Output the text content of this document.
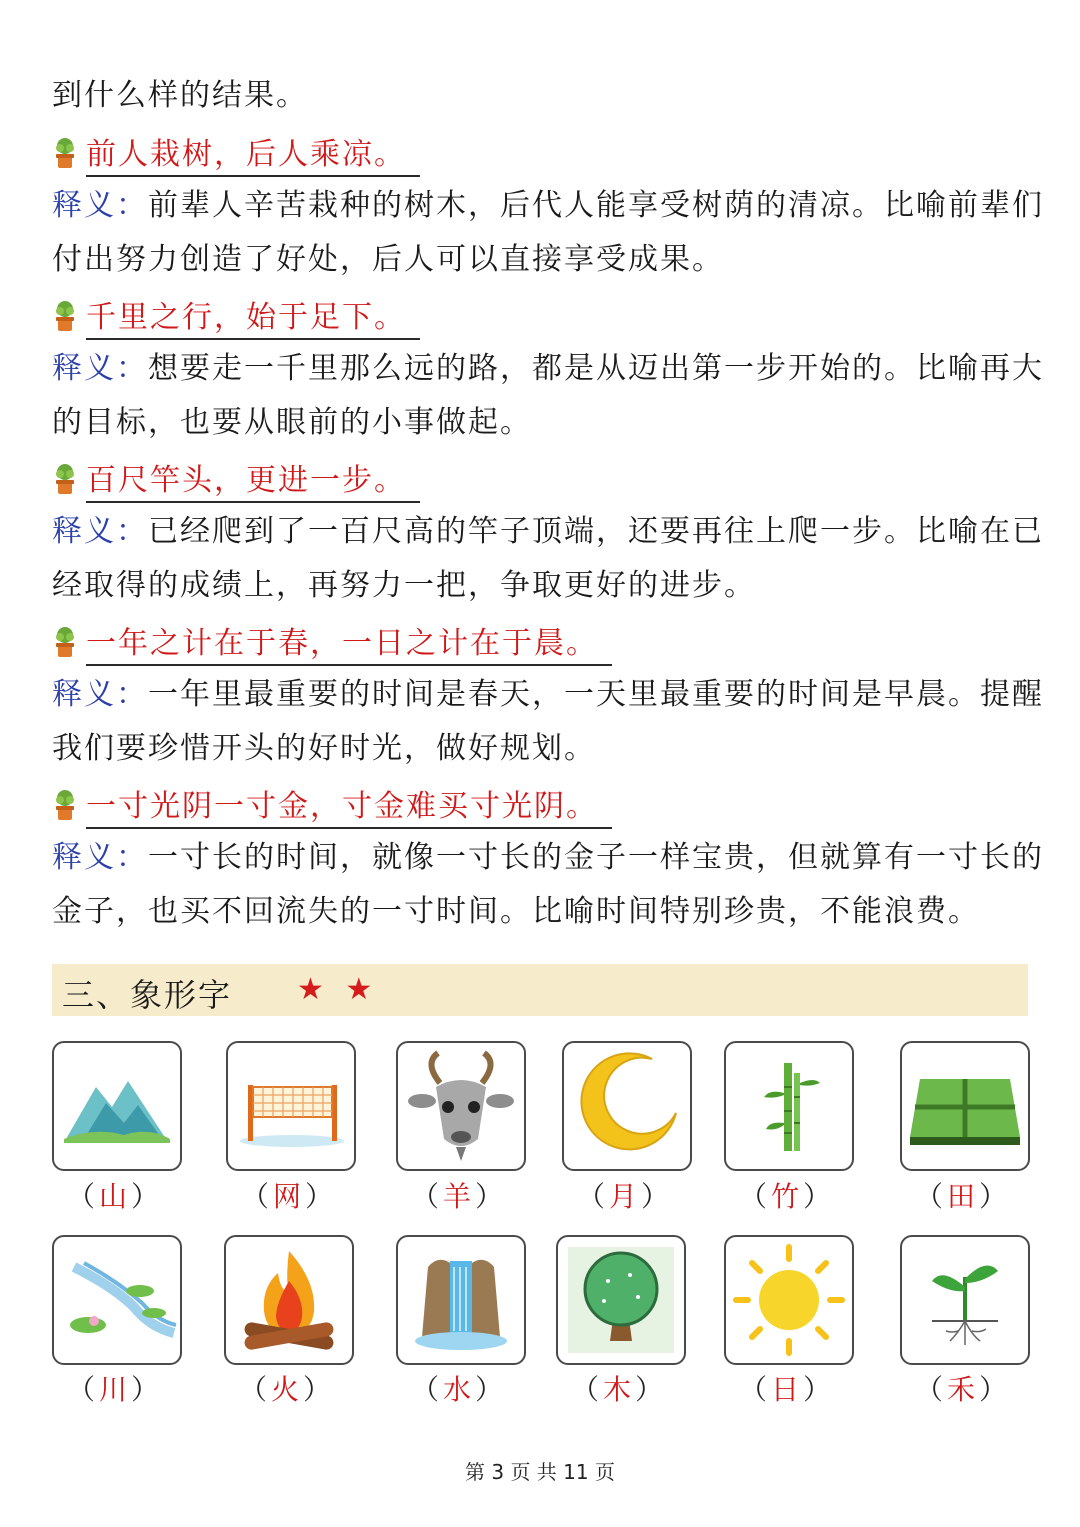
到什么样的结果。
前人栽树，后人乘凉。
释义：前辈人辛苦栽种的树木，后代人能享受树荫的清凉。比喻前辈们
付出努力创造了好处，后人可以直接享受成果。
千里之行，始于足下。
释义：想要走一千里那么远的路，都是从迈出第一步开始的。比喻再大
的目标，也要从眼前的小事做起。
百尺竿头，更进一步。
释义：已经爬到了一百尺高的竿子顶端，还要再往上爬一步。比喻在已
经取得的成绩上，再努力一把，争取更好的进步。
一年之计在于春，一日之计在于晨。
释义：一年里最重要的时间是春天，一天里最重要的时间是早晨。提醒
我们要珍惜开头的好时光，做好规划。
一寸光阴一寸金，寸金难买寸光阴。
释义：一寸长的时间，就像一寸长的金子一样宝贵，但就算有一寸长的
金子，也买不回流失的一寸时间。比喻时间特别珍贵，不能浪费。
三、象形字 ★ ★
（山）	（网）	（羊）	（月）	（竹）	（田）
（川）	（火）	（水）	（木）	（日）	（禾）
第 3 页 共 11 页
